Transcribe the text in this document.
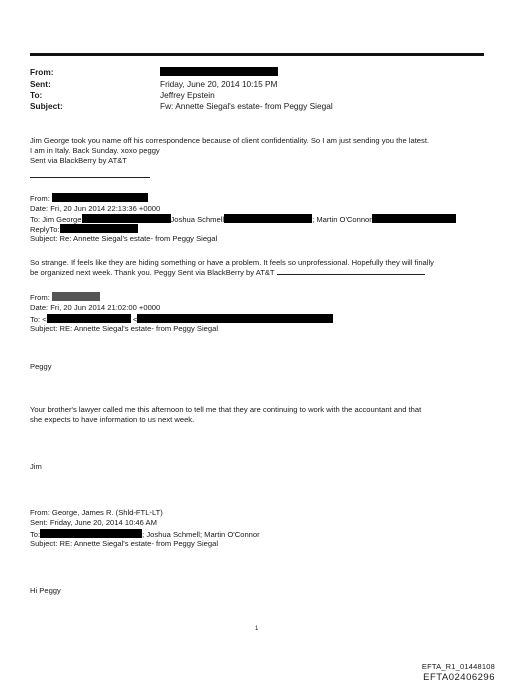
From:
Sent:	Friday, June 20, 2014 10:15 PM
To:	Jeffrey Epstein
Subject:	Fw: Annette Siegal's estate- from Peggy Siegal
Jim George took you name off his correspondence because of client confidentiality. So I am just sending you the latest.
I am in Italy. Back Sunday. xoxo peggy
Sent via BlackBerry by AT&T
From:
Date: Fri, 20 Jun 2014 22:13:36 +0000
To: Jim George	Joshua Schmell	; Martin O'Connor
ReplyTo:
Subject: Re: Annette Siegal's estate- from Peggy Siegal
So strange. If feels like they are hiding something or have a problem. It feels so unprofessional. Hopefully they will finally
be organized next week. Thank you. Peggy Sent via BlackBerry by AT&T
From:
Date: Fri, 20 Jun 2014 21:02:00 +0000
To: <	<
Subject: RE: Annette Siegal's estate- from Peggy Siegal
Peggy
Your brother's lawyer called me this afternoon to tell me that they are continuing to work with the accountant and that
she expects to have information to us next week.
Jim
From: George, James R. (Shld-FTL-LT)
Sent: Friday, June 20, 2014 10:46 AM
To:	; Joshua Schmell; Martin O'Connor
Subject: RE: Annette Siegal's estate- from Peggy Siegal
Hi Peggy
1
EFTA_R1_01448108
EFTA02406296
